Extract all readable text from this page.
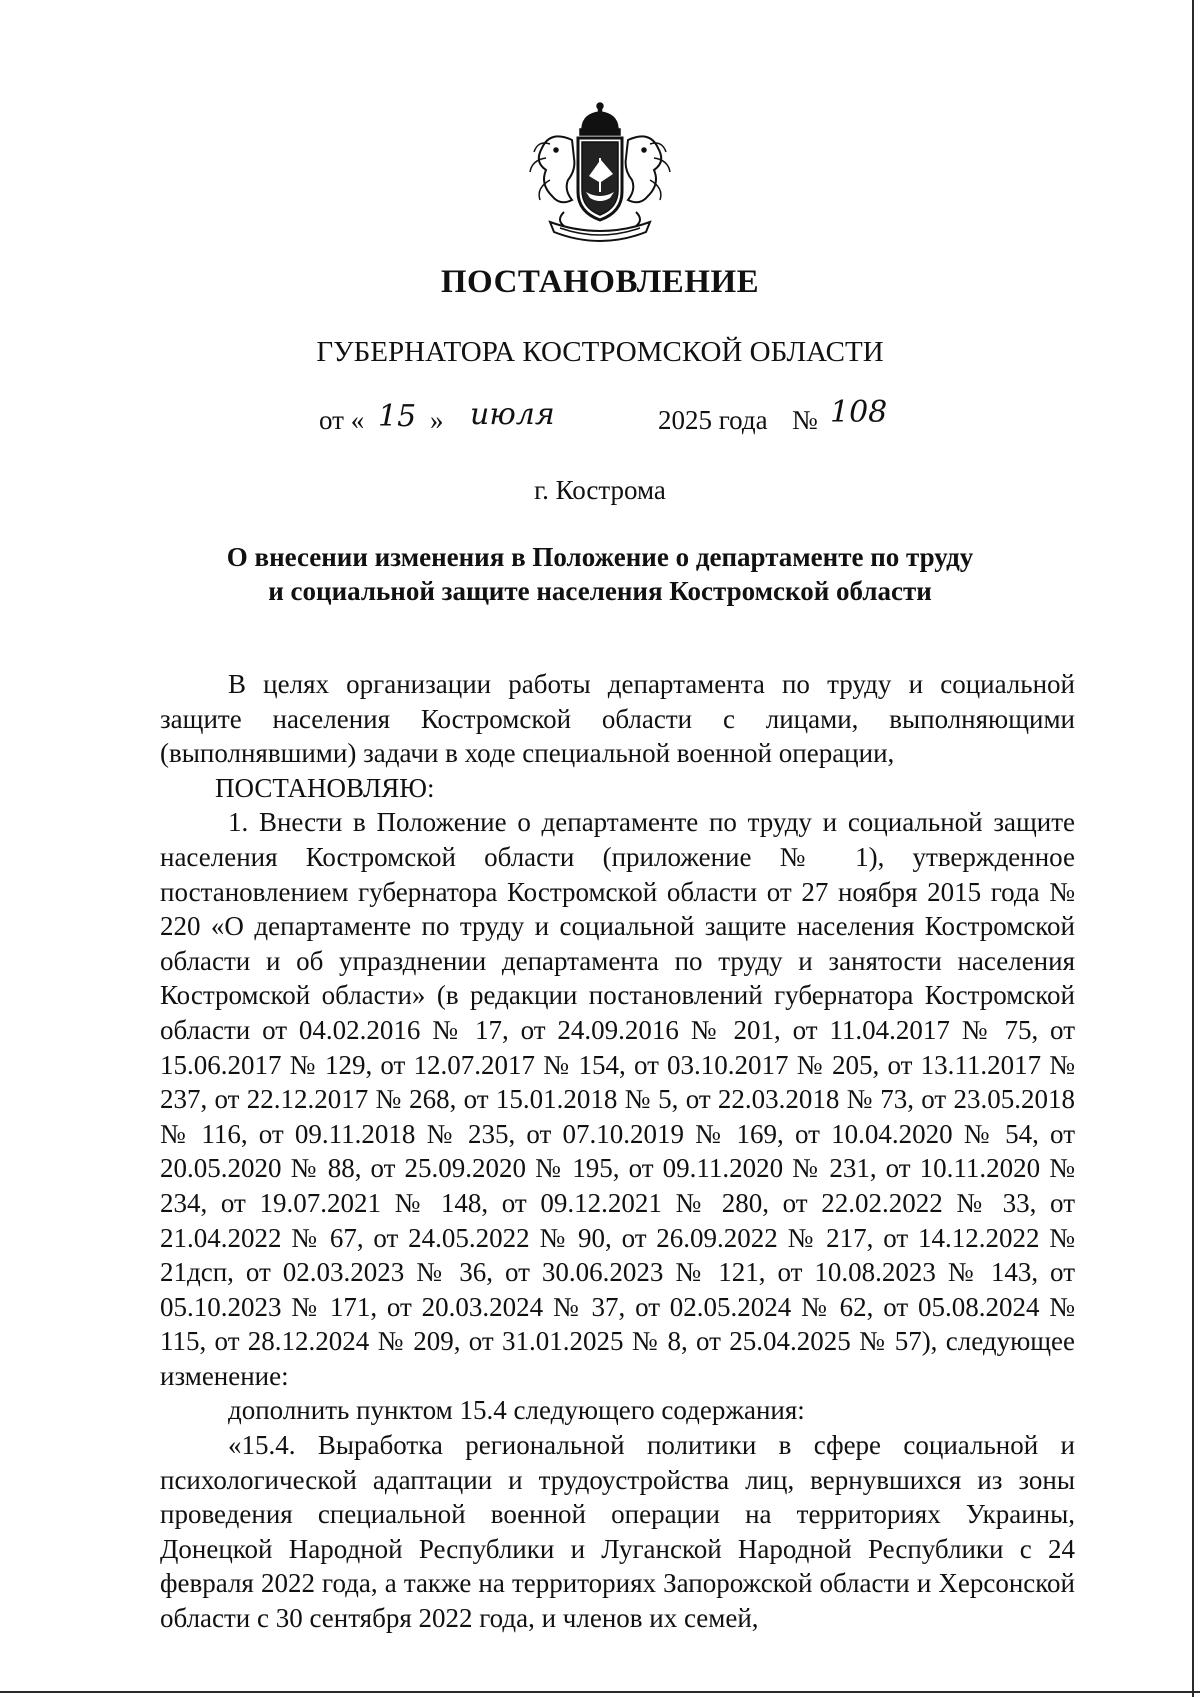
ПОСТАНОВЛЕНИЕ
ГУБЕРНАТОРА КОСТРОМСКОЙ ОБЛАСТИ
от « 15 » июля	2025 года № 108
г. Кострома
О внесении изменения в Положение о департаменте по труду
и социальной защите населения Костромской области

В целях организации работы департамента по труду и социальной защите населения Костромской области с лицами, выполняющими (выполнявшими) задачи в ходе специальной военной операции,

ПОСТАНОВЛЯЮ:

1. Внести в Положение о департаменте по труду и социальной защите населения Костромской области (приложение № 1), утвержденное постановлением губернатора Костромской области от 27 ноября 2015 года № 220 «О департаменте по труду и социальной защите населения Костромской области и об упразднении департамента по труду и занятости населения Костромской области» (в редакции постановлений губернатора Костромской области от 04.02.2016 № 17, от 24.09.2016 № 201, от 11.04.2017 № 75, от 15.06.2017 № 129, от 12.07.2017 № 154, от 03.10.2017 № 205, от 13.11.2017 № 237, от 22.12.2017 № 268, от 15.01.2018 № 5, от 22.03.2018 № 73, от 23.05.2018 № 116, от 09.11.2018 № 235, от 07.10.2019 № 169, от 10.04.2020 № 54, от 20.05.2020 № 88, от 25.09.2020 № 195, от 09.11.2020 № 231, от 10.11.2020 № 234, от 19.07.2021 № 148, от 09.12.2021 № 280, от 22.02.2022 № 33, от 21.04.2022 № 67, от 24.05.2022 № 90, от 26.09.2022 № 217, от 14.12.2022 № 21дсп, от 02.03.2023 № 36, от 30.06.2023 № 121, от 10.08.2023 № 143, от 05.10.2023 № 171, от 20.03.2024 № 37, от 02.05.2024 № 62, от 05.08.2024 № 115, от 28.12.2024 № 209, от 31.01.2025 № 8, от 25.04.2025 № 57), следующее изменение:

дополнить пунктом 15.4 следующего содержания:

«15.4. Выработка региональной политики в сфере социальной и психологической адаптации и трудоустройства лиц, вернувшихся из зоны проведения специальной военной операции на территориях Украины, Донецкой Народной Республики и Луганской Народной Республики с 24 февраля 2022 года, а также на территориях Запорожской области и Херсонской области с 30 сентября 2022 года, и членов их семей,
